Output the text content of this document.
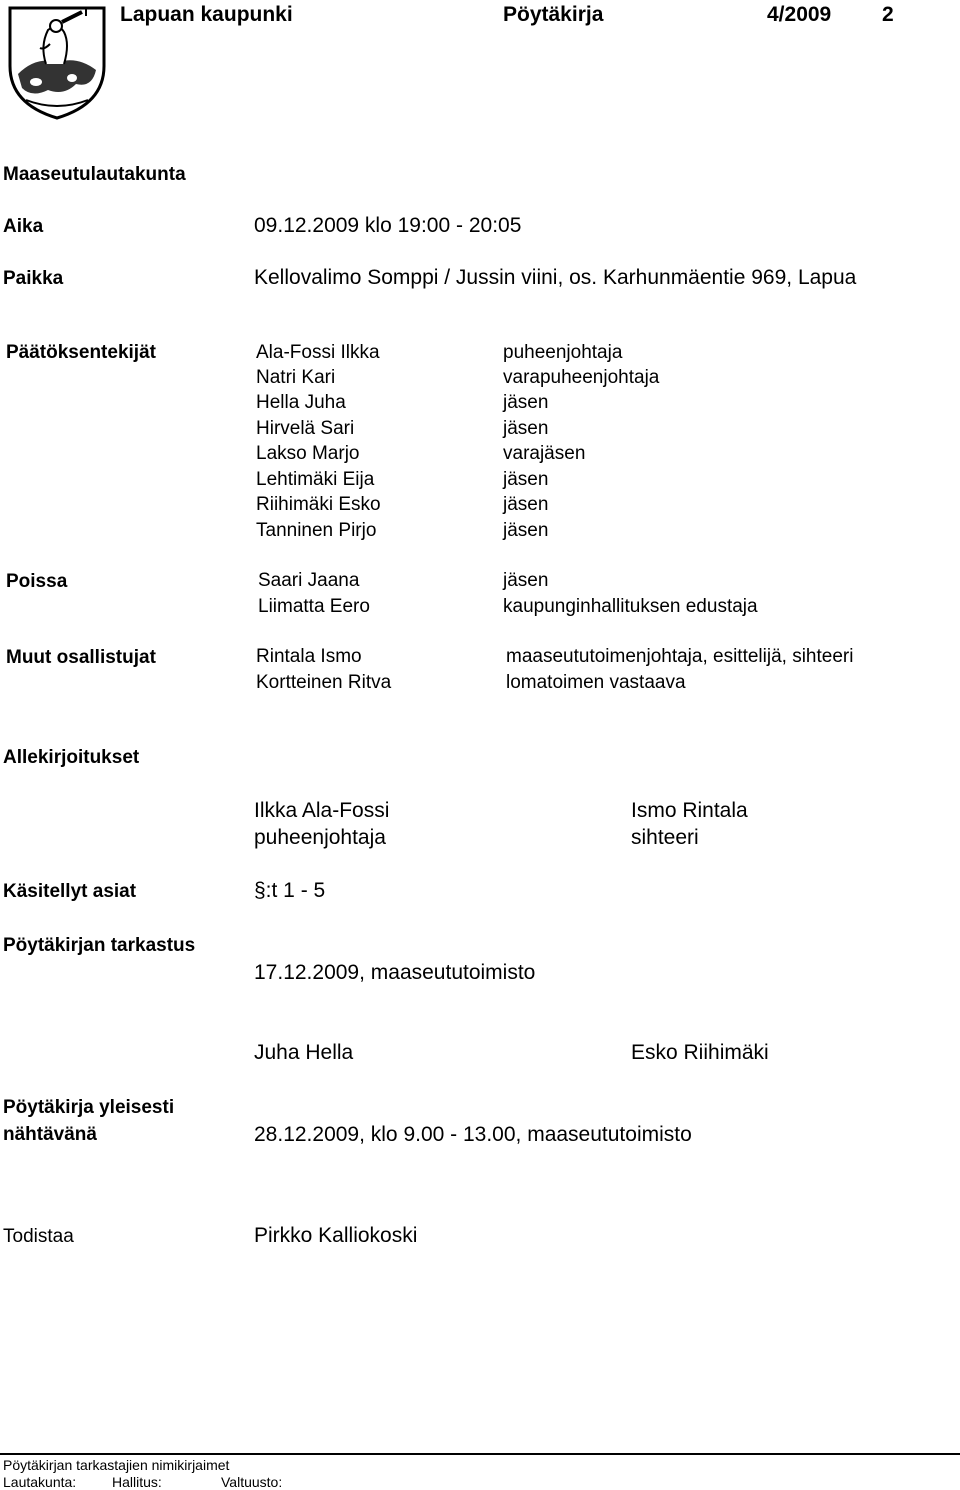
Lapuan kaupunki	Pöytäkirja	4/2009 2
Maaseutulautakunta
Aika	09.12.2009 klo 19:00 - 20:05
Paikka	Kellovalimo Somppi / Jussin viini, os. Karhunmäentie 969, Lapua
Päätöksentekijät	Ala-Fossi Ilkka	puheenjohtaja
Natri Kari	varapuheenjohtaja
Hella Juha	jäsen
Hirvelä Sari	jäsen
Lakso Marjo	varajäsen
Lehtimäki Eija	jäsen
Riihimäki Esko	jäsen
Tanninen Pirjo	jäsen
Poissa	Saari Jaana	jäsen
Liimatta Eero	kaupunginhallituksen edustaja
Muut osallistujat	Rintala Ismo	maaseututoimenjohtaja, esittelijä, sihteeri
Kortteinen Ritva	lomatoimen vastaava
Allekirjoitukset
Ilkka Ala-Fossi
puheenjohtaja
Ismo Rintala
sihteeri
Käsitellyt asiat	§:t 1 - 5
Pöytäkirjan tarkastus
17.12.2009, maaseututoimisto
Juha Hella	Esko Riihimäki
Pöytäkirja yleisesti
nähtävänä	28.12.2009, klo 9.00 - 13.00, maaseututoimisto
Todistaa	Pirkko Kalliokoski
Pöytäkirjan tarkastajien nimikirjaimet
Lautakunta:	Hallitus:	Valtuusto:
